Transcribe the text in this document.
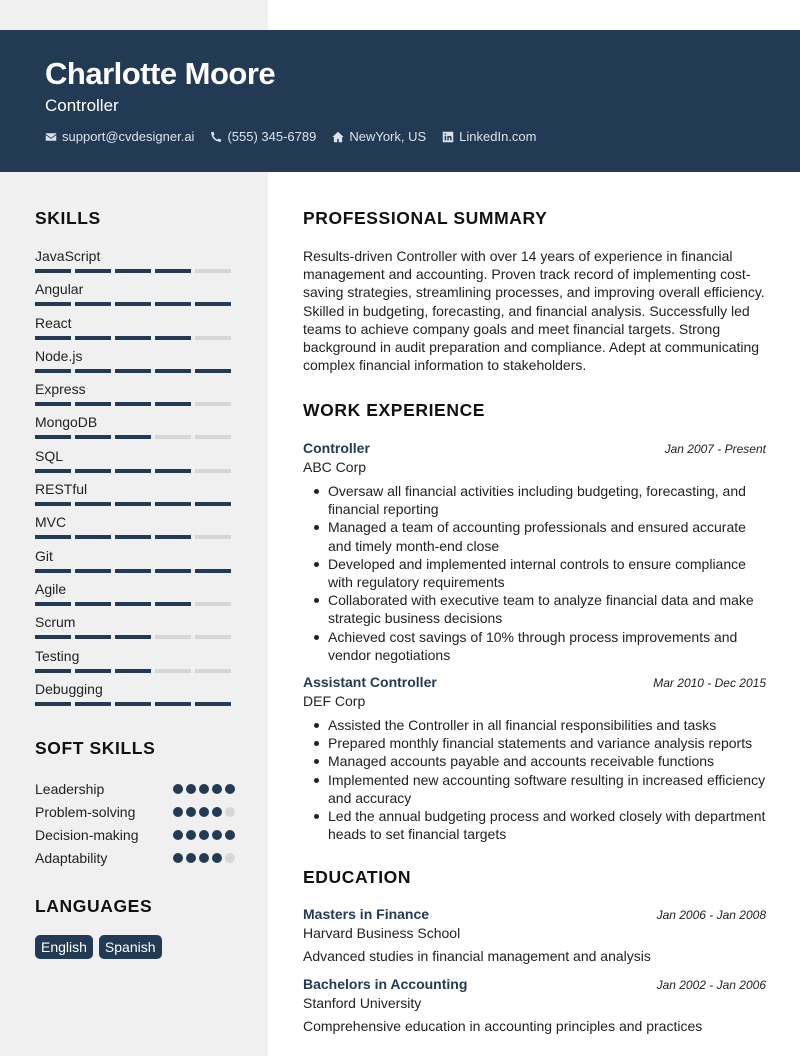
Charlotte Moore
Controller
support@cvdesigner.ai	(555) 345-6789	NewYork, US	LinkedIn.com
SKILLS
JavaScript
Angular
React
Node.js
Express
MongoDB
SQL
RESTful
MVC
Git
Agile
Scrum
Testing
Debugging
SOFT SKILLS
Leadership
Problem-solving
Decision-making
Adaptability
LANGUAGES
English	Spanish
PROFESSIONAL SUMMARY
Results-driven Controller with over 14 years of experience in financial management and accounting. Proven track record of implementing cost-saving strategies, streamlining processes, and improving overall efficiency. Skilled in budgeting, forecasting, and financial analysis. Successfully led teams to achieve company goals and meet financial targets. Strong background in audit preparation and compliance. Adept at communicating complex financial information to stakeholders.
WORK EXPERIENCE
Controller	Jan 2007 - Present
ABC Corp
Oversaw all financial activities including budgeting, forecasting, and financial reporting
Managed a team of accounting professionals and ensured accurate and timely month-end close
Developed and implemented internal controls to ensure compliance with regulatory requirements
Collaborated with executive team to analyze financial data and make strategic business decisions
Achieved cost savings of 10% through process improvements and vendor negotiations
Assistant Controller	Mar 2010 - Dec 2015
DEF Corp
Assisted the Controller in all financial responsibilities and tasks
Prepared monthly financial statements and variance analysis reports
Managed accounts payable and accounts receivable functions
Implemented new accounting software resulting in increased efficiency and accuracy
Led the annual budgeting process and worked closely with department heads to set financial targets
EDUCATION
Masters in Finance	Jan 2006 - Jan 2008
Harvard Business School
Advanced studies in financial management and analysis
Bachelors in Accounting	Jan 2002 - Jan 2006
Stanford University
Comprehensive education in accounting principles and practices
